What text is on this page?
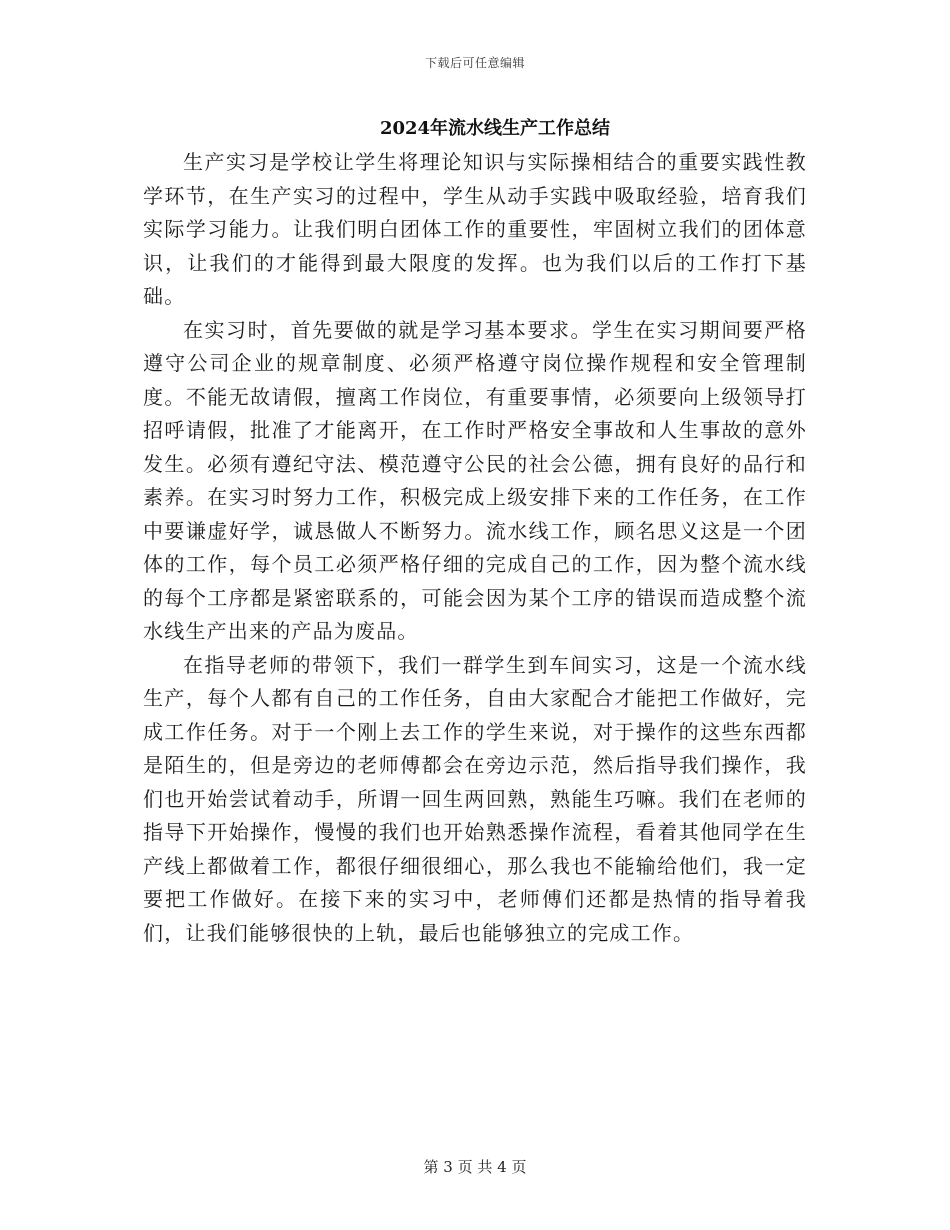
下载后可任意编辑
2024年流水线生产工作总结

生产实习是学校让学生将理论知识与实际操相结合的重要实践性教学环节，在生产实习的过程中，学生从动手实践中吸取经验，培育我们实际学习能力。让我们明白团体工作的重要性，牢固树立我们的团体意识，让我们的才能得到最大限度的发挥。也为我们以后的工作打下基础。

在实习时，首先要做的就是学习基本要求。学生在实习期间要严格遵守公司企业的规章制度、必须严格遵守岗位操作规程和安全管理制度。不能无故请假，擅离工作岗位，有重要事情，必须要向上级领导打招呼请假，批准了才能离开，在工作时严格安全事故和人生事故的意外发生。必须有遵纪守法、模范遵守公民的社会公德，拥有良好的品行和素养。在实习时努力工作，积极完成上级安排下来的工作任务，在工作中要谦虚好学，诚恳做人不断努力。流水线工作，顾名思义这是一个团体的工作，每个员工必须严格仔细的完成自己的工作，因为整个流水线的每个工序都是紧密联系的，可能会因为某个工序的错误而造成整个流水线生产出来的产品为废品。

在指导老师的带领下，我们一群学生到车间实习，这是一个流水线生产，每个人都有自己的工作任务，自由大家配合才能把工作做好，完成工作任务。对于一个刚上去工作的学生来说，对于操作的这些东西都是陌生的，但是旁边的老师傅都会在旁边示范，然后指导我们操作，我们也开始尝试着动手，所谓一回生两回熟，熟能生巧嘛。我们在老师的指导下开始操作，慢慢的我们也开始熟悉操作流程，看着其他同学在生产线上都做着工作，都很仔细很细心，那么我也不能输给他们，我一定要把工作做好。在接下来的实习中，老师傅们还都是热情的指导着我们，让我们能够很快的上轨，最后也能够独立的完成工作。

第 3 页 共 4 页
